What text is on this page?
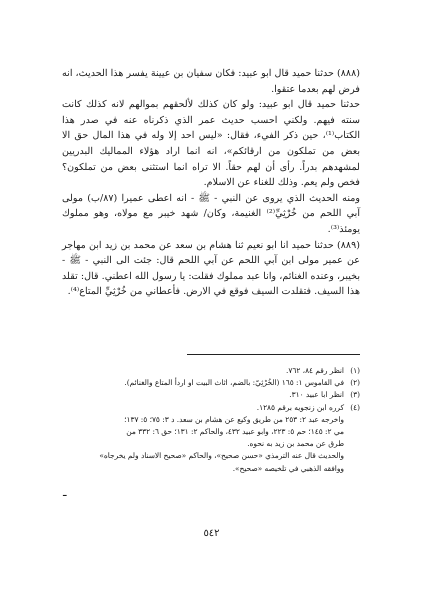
(٨٨٨) حدثنا حميد قال ابو عبيد: فكان سفيان بن عيينة يفسر هذا الحديث، انه فرض لهم بعدما عتقوا.

حدثنا حميد قال ابو عبيد: ولو كان كذلك لألحقهم بموالهم لانه كذلك كانت سنته فيهم. ولكني احسب حديث عمر الذي ذكرناه عنه في صدر هذا الكتاب⁽¹⁾، حين ذكر الفيء، فقال: «ليس احد إلا وله في هذا المال حق الا بعض من تملكون من ارقائكم»، انه انما اراد هؤلاء المماليك البدريين لمشهدهم بدراً. رأى أن لهم حقاً. الا تراه انما استثنى بعض من تملكون؟ فخص ولم يعم. وذلك للغناء عن الاسلام.

ومنه الحديث الذي يروى عن النبي - ﷺ - انه اعطى عميرا (٨٧/ب) مولى آبي اللحم من خُرْثِيِّ⁽²⁾ الغنيمة، وكان/ شهد خيبر مع مولاه، وهو مملوك يومئذ⁽³⁾.

(٨٨٩) حدثنا حميد انا ابو نعيم ثنا هشام بن سعد عن محمد بن زيد ابن مهاجر عن عمير مولى ابن آبي اللحم عن آبي اللحم قال: جئت الى النبي - ﷺ - بخيبر، وعنده الغنائم، وانا عبد مملوك فقلت: يا رسول الله اعطني. قال: تقلد هذا السيف. فتقلدت السيف فوقع في الارض. فأعطاني من خُرْثِيِّ المتاع⁽⁴⁾.

(١)
انظر رقم ٨٤، ٧٦٢.
(٢)
في القاموس ١: ١٦٥ (الخُرْثِيّ: بالضم، اثاث البيت او اردأ المتاع والغنائم).
(٣)
انظر ابا عبيد ٣١٠.
(٤)
كرره ابن زنجويه برقم ١٢٨٥.

واخرجه عبد ٢: ٢٥٣ من طريق وكيع عن هشام بن سعد. د ٣: ٧٥؛ ٥: ١٣٧؛

مي ٢: ١٤٥؛ حم ٥: ٢٢٣، وابو عبيد ٤٣٢، والحاكم ٢: ١٣١؛ حق ٦: ٣٣٢ من

طرق عن محمد بن زيد به نحوه.

والحديث قال عنه الترمذي «حسن صحيح»، والحاكم «صحيح الاسناد ولم يخرجاه»

ووافقه الذهبي في تلخيصه «صحيح».

ـ
٥٤٢
